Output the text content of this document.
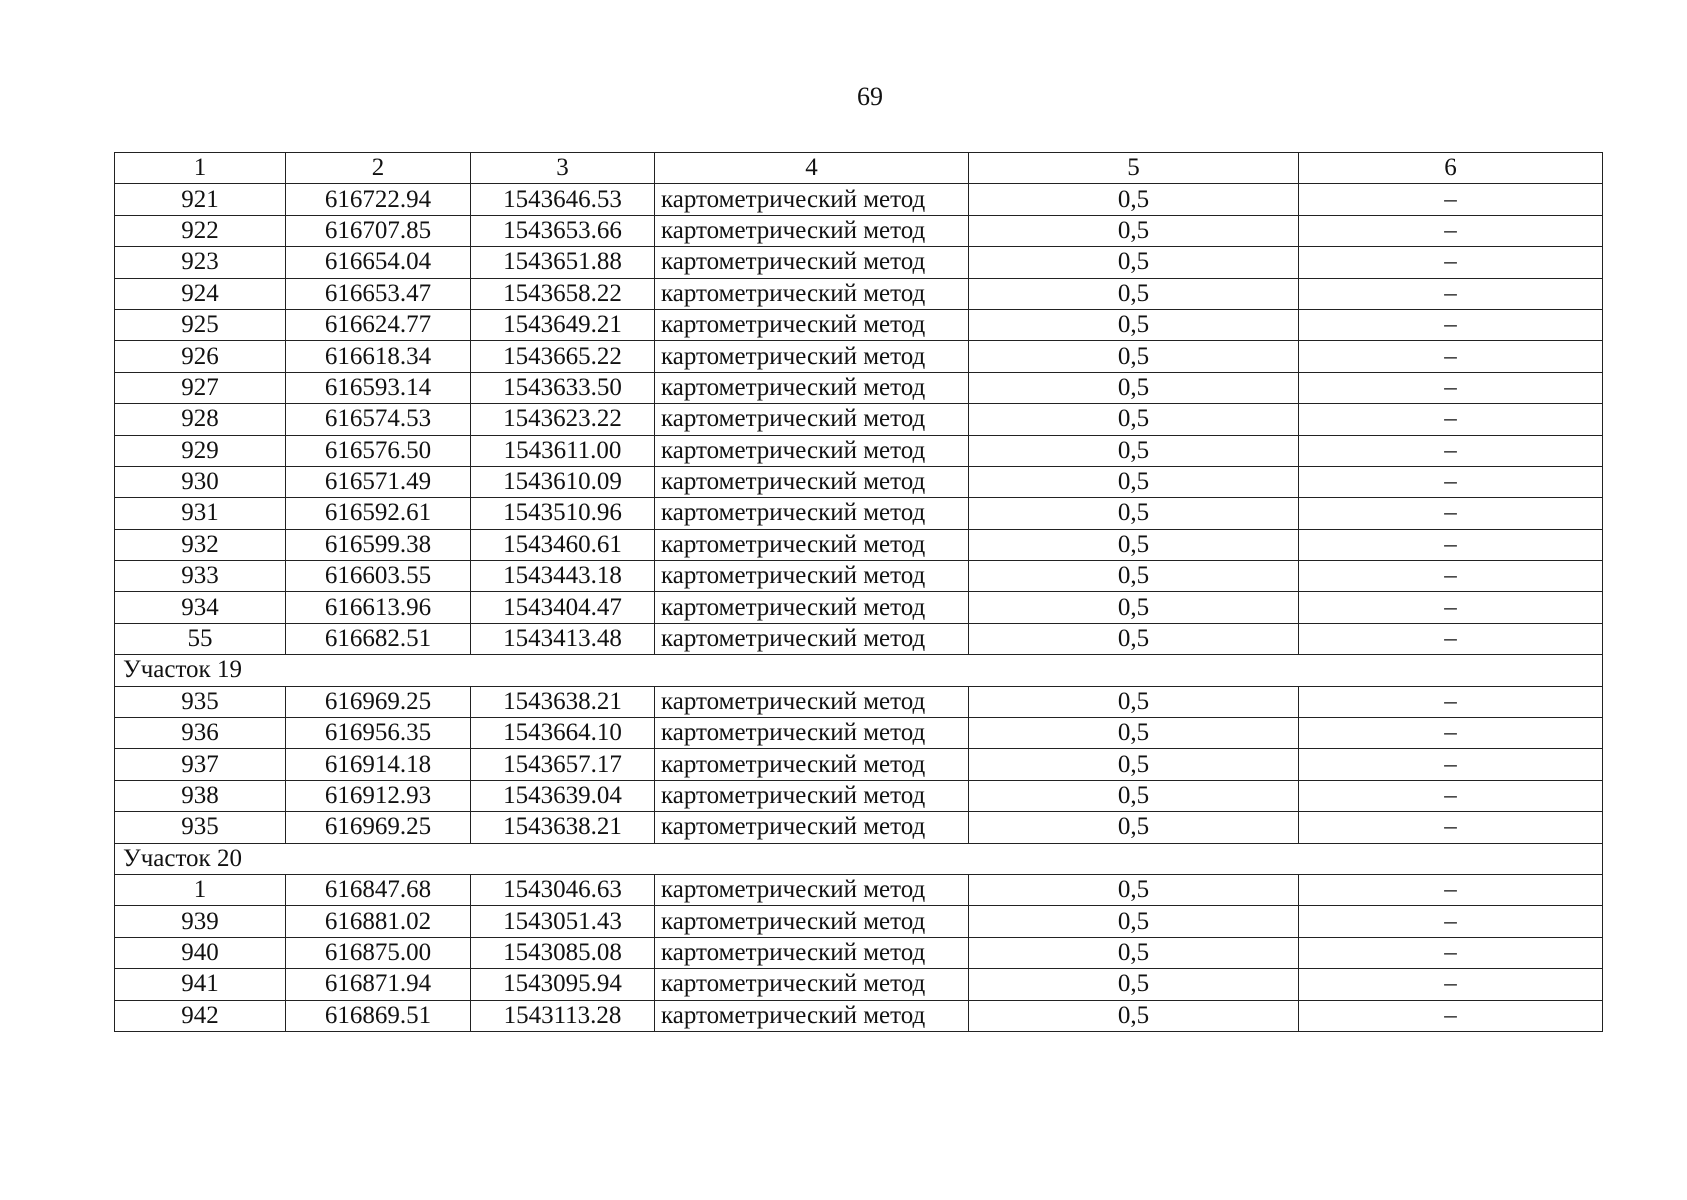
69
1	2	3	4	5	6
921	616722.94	1543646.53	картометрический метод	0,5	–
922	616707.85	1543653.66	картометрический метод	0,5	–
923	616654.04	1543651.88	картометрический метод	0,5	–
924	616653.47	1543658.22	картометрический метод	0,5	–
925	616624.77	1543649.21	картометрический метод	0,5	–
926	616618.34	1543665.22	картометрический метод	0,5	–
927	616593.14	1543633.50	картометрический метод	0,5	–
928	616574.53	1543623.22	картометрический метод	0,5	–
929	616576.50	1543611.00	картометрический метод	0,5	–
930	616571.49	1543610.09	картометрический метод	0,5	–
931	616592.61	1543510.96	картометрический метод	0,5	–
932	616599.38	1543460.61	картометрический метод	0,5	–
933	616603.55	1543443.18	картометрический метод	0,5	–
934	616613.96	1543404.47	картометрический метод	0,5	–
55	616682.51	1543413.48	картометрический метод	0,5	–
Участок 19					
935	616969.25	1543638.21	картометрический метод	0,5	–
936	616956.35	1543664.10	картометрический метод	0,5	–
937	616914.18	1543657.17	картометрический метод	0,5	–
938	616912.93	1543639.04	картометрический метод	0,5	–
935	616969.25	1543638.21	картометрический метод	0,5	–
Участок 20					
1	616847.68	1543046.63	картометрический метод	0,5	–
939	616881.02	1543051.43	картометрический метод	0,5	–
940	616875.00	1543085.08	картометрический метод	0,5	–
941	616871.94	1543095.94	картометрический метод	0,5	–
942	616869.51	1543113.28	картометрический метод	0,5	–
